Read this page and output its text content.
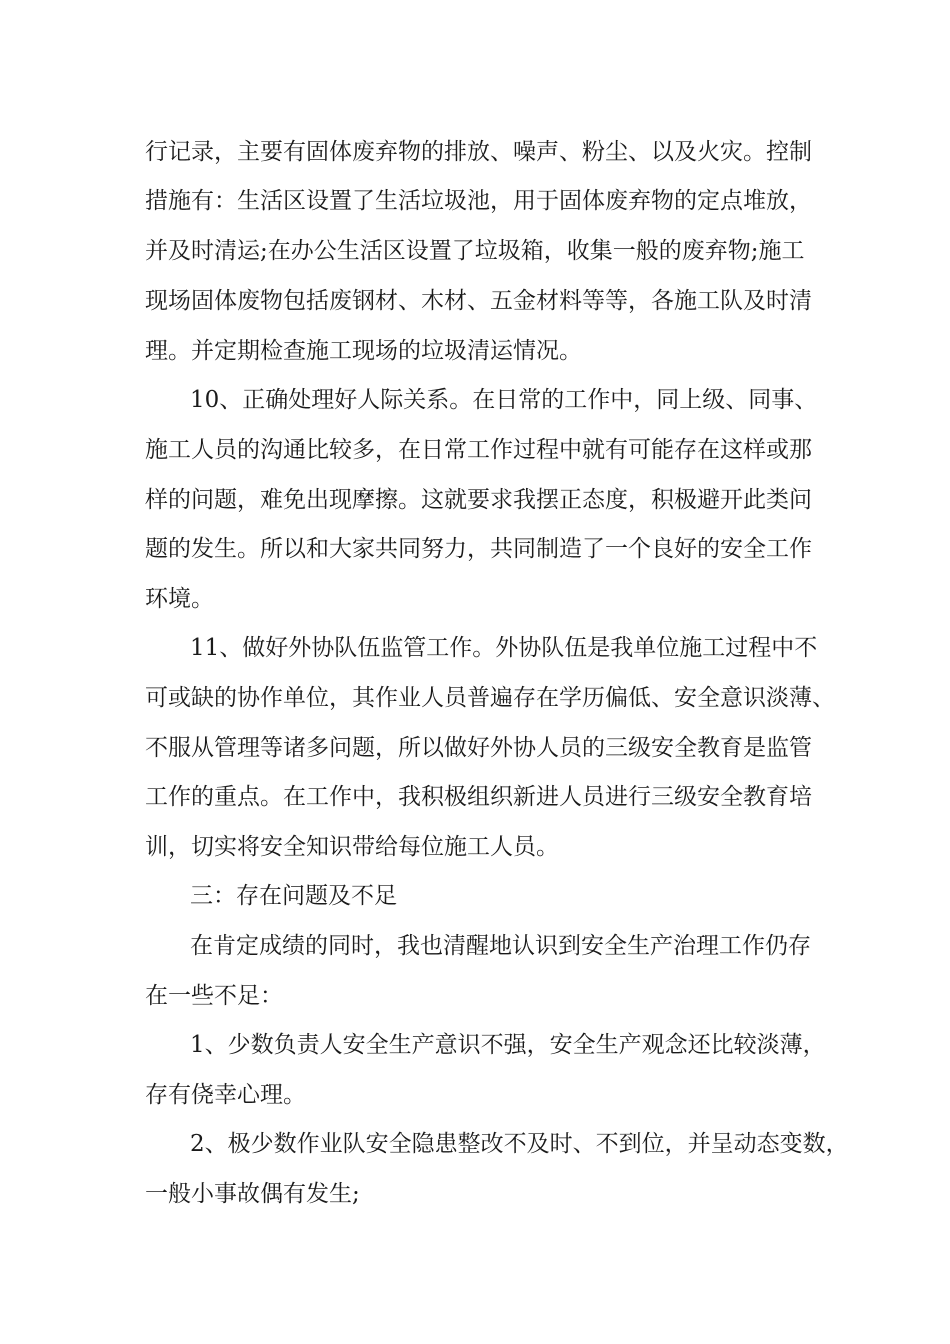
行记录，主要有固体废弃物的排放、噪声、粉尘、以及火灾。控制
措施有：生活区设置了生活垃圾池，用于固体废弃物的定点堆放，
并及时清运;在办公生活区设置了垃圾箱，收集一般的废弃物;施工
现场固体废物包括废钢材、木材、五金材料等等，各施工队及时清
理。并定期检查施工现场的垃圾清运情况。
10、正确处理好人际关系。在日常的工作中，同上级、同事、
施工人员的沟通比较多，在日常工作过程中就有可能存在这样或那
样的问题，难免出现摩擦。这就要求我摆正态度，积极避开此类问
题的发生。所以和大家共同努力，共同制造了一个良好的安全工作
环境。
11、做好外协队伍监管工作。外协队伍是我单位施工过程中不
可或缺的协作单位，其作业人员普遍存在学历偏低、安全意识淡薄、
不服从管理等诸多问题，所以做好外协人员的三级安全教育是监管
工作的重点。在工作中，我积极组织新进人员进行三级安全教育培
训，切实将安全知识带给每位施工人员。
三：存在问题及不足
在肯定成绩的同时，我也清醒地认识到安全生产治理工作仍存
在一些不足：
1、少数负责人安全生产意识不强，安全生产观念还比较淡薄，
存有侥幸心理。
2、极少数作业队安全隐患整改不及时、不到位，并呈动态变数，
一般小事故偶有发生;
